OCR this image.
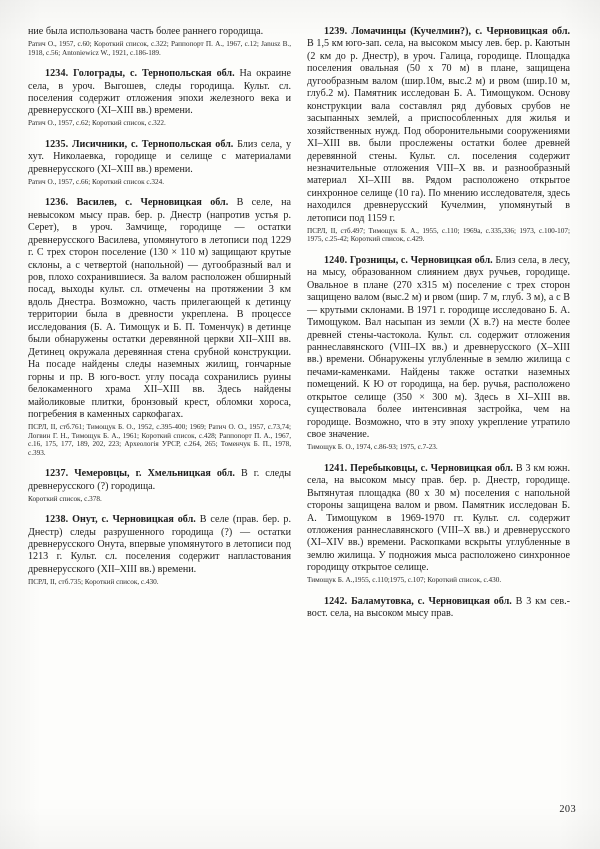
ние была использована часть более раннего городища.

Ратич О., 1957, с.60; Короткий список, с.322; Раппопорт П. А., 1967, с.12; Janusz B., 1918, с.56; Antoniewicz W., 1921, с.186-189.

1234. Голограды, с. Тернопольская обл. На окраине села, в уроч. Выгошев, следы городища. Культ. сл. поселения содержит отложения эпохи железного века и древнерусского (XI–XIII вв.) времени.

Ратич О., 1957, с.62; Короткий список, с.322.

1235. Лисичники, с. Тернопольская обл. Близ села, у хут. Николаевка, городище и селище с материалами древнерусского (XI–XIII вв.) времени.

Ратич О., 1957, с.66; Короткий список с.324.

1236. Василев, с. Черновицкая обл. В селе, на невысоком мысу прав. бер. р. Днестр (напротив устья р. Серет), в уроч. Замчище, городище — остатки древнерусского Василева, упомянутого в летописи под 1229 г. С трех сторон поселение (130 × 110 м) защищают крутые склоны, а с четвертой (напольной) — дугообразный вал и ров, плохо сохранившиеся. За валом расположен обширный посад, выходы культ. сл. отмечены на протяжении 3 км вдоль Днестра. Возможно, часть прилегающей к детинцу территории была в древности укреплена. В процессе исследования (Б. А. Тимощук и Б. П. Томенчук) в детинце были обнаружены остатки деревянной церкви XII–XIII вв. Детинец окружала деревянная стена срубной конструкции. На посаде найдены следы наземных жилищ, гончарные горны и пр. В юго-вост. углу посада сохранились руины белокаменного храма XII–XIII вв. Здесь найдены майоликовые плитки, бронзовый крест, обломки хороса, погребения в каменных саркофагах.

ПСРЛ, II, стб.761; Тимощук Б. О., 1952, с.395-400; 1969; Ратич О. О., 1957, с.73,74; Логвин Г. Н., Тимощук Б. А., 1961; Короткий список, с.428; Раппопорт П. А., 1967, с.16, 175, 177, 189, 202, 223; Археологiя УРСР, с.264, 265; Томенчук Б. П., 1978, с.393.

1237. Чемеровцы, г. Хмельницкая обл. В г. следы древнерусского (?) городища.

Короткий список, с.378.

1238. Онут, с. Черновицкая обл. В селе (прав. бер. р. Днестр) следы разрушенного городища (?) — остатки древнерусского Онута, впервые упомянутого в летописи под 1213 г. Культ. сл. поселения содержит напластования древнерусского (XII–XIII вв.) времени.

ПСРЛ, II, стб.735; Короткий список, с.430.

1239. Ломачинцы (Кучелмин?), с. Черновицкая обл. В 1,5 км юго-зап. села, на высоком мысу лев. бер. р. Каютын (2 км до р. Днестр), в уроч. Галица, городище. Площадка поселения овальная (50 х 70 м) в плане, защищена дугообразным валом (шир.10м, выс.2 м) и рвом (шир.10 м, глуб.2 м). Памятник исследован Б. А. Тимощуком. Основу конструкции вала составлял ряд дубовых срубов не засыпанных землей, а приспособленных для жилья и хозяйственных нужд. Под оборонительными сооружениями XI–XIII вв. были прослежены остатки более древней деревянной стены. Культ. сл. поселения содержит незначительные отложения VIII–X вв. и разнообразный материал XI–XIII вв. Рядом расположено открытое синхронное селище (10 га). По мнению исследователя, здесь находился древнерусский Кучелмин, упомянутый в летописи под 1159 г.

ПСРЛ, II, стб.497; Тимощук Б. А., 1955, с.110; 1969а, с.335,336; 1973, с.100-107; 1975, с.25-42; Короткий список, с.429.

1240. Грозницы, с. Черновицкая обл. Близ села, в лесу, на мысу, образованном слиянием двух ручьев, городище. Овальное в плане (270 х315 м) поселение с трех сторон защищено валом (выс.2 м) и рвом (шир. 7 м, глуб. 3 м), а с В — крутыми склонами. В 1971 г. городище исследовано Б. А. Тимощуком. Вал насыпан из земли (X в.?) на месте более древней стены-частокола. Культ. сл. содержит отложения раннеславянского (VIII–IX вв.) и древнерусского (X–XIII вв.) времени. Обнаружены углубленные в землю жилища с печами-каменками. Найдены также остатки наземных помещений. К Ю от городища, на бер. ручья, расположено открытое селище (350 × 300 м). Здесь в XI–XIII вв. существовала более интенсивная застройка, чем на городище. Возможно, что в эту эпоху укрепление утратило свое значение.

Тимощук Б. О., 1974, с.86-93; 1975, с.7-23.

1241. Перебыковцы, с. Черновицкая обл. В 3 км южн. села, на высоком мысу прав. бер. р. Днестр, городище. Вытянутая площадка (80 х 30 м) поселения с напольной стороны защищена валом и рвом. Памятник исследован Б. А. Тимощуком в 1969-1970 гг. Культ. сл. содержит отложения раннеславянского (VIII–X вв.) и древнерусского (XI–XIV вв.) времени. Раскопками вскрыты углубленные в землю жилища. У подножия мыса расположено синхронное городищу открытое селище.

Тимощук Б. А.,1955, с.110;1975, с.107; Короткий список, с.430.

1242. Баламутовка, с. Черновицкая обл. В 3 км сев.-вост. села, на высоком мысу прав.

203
